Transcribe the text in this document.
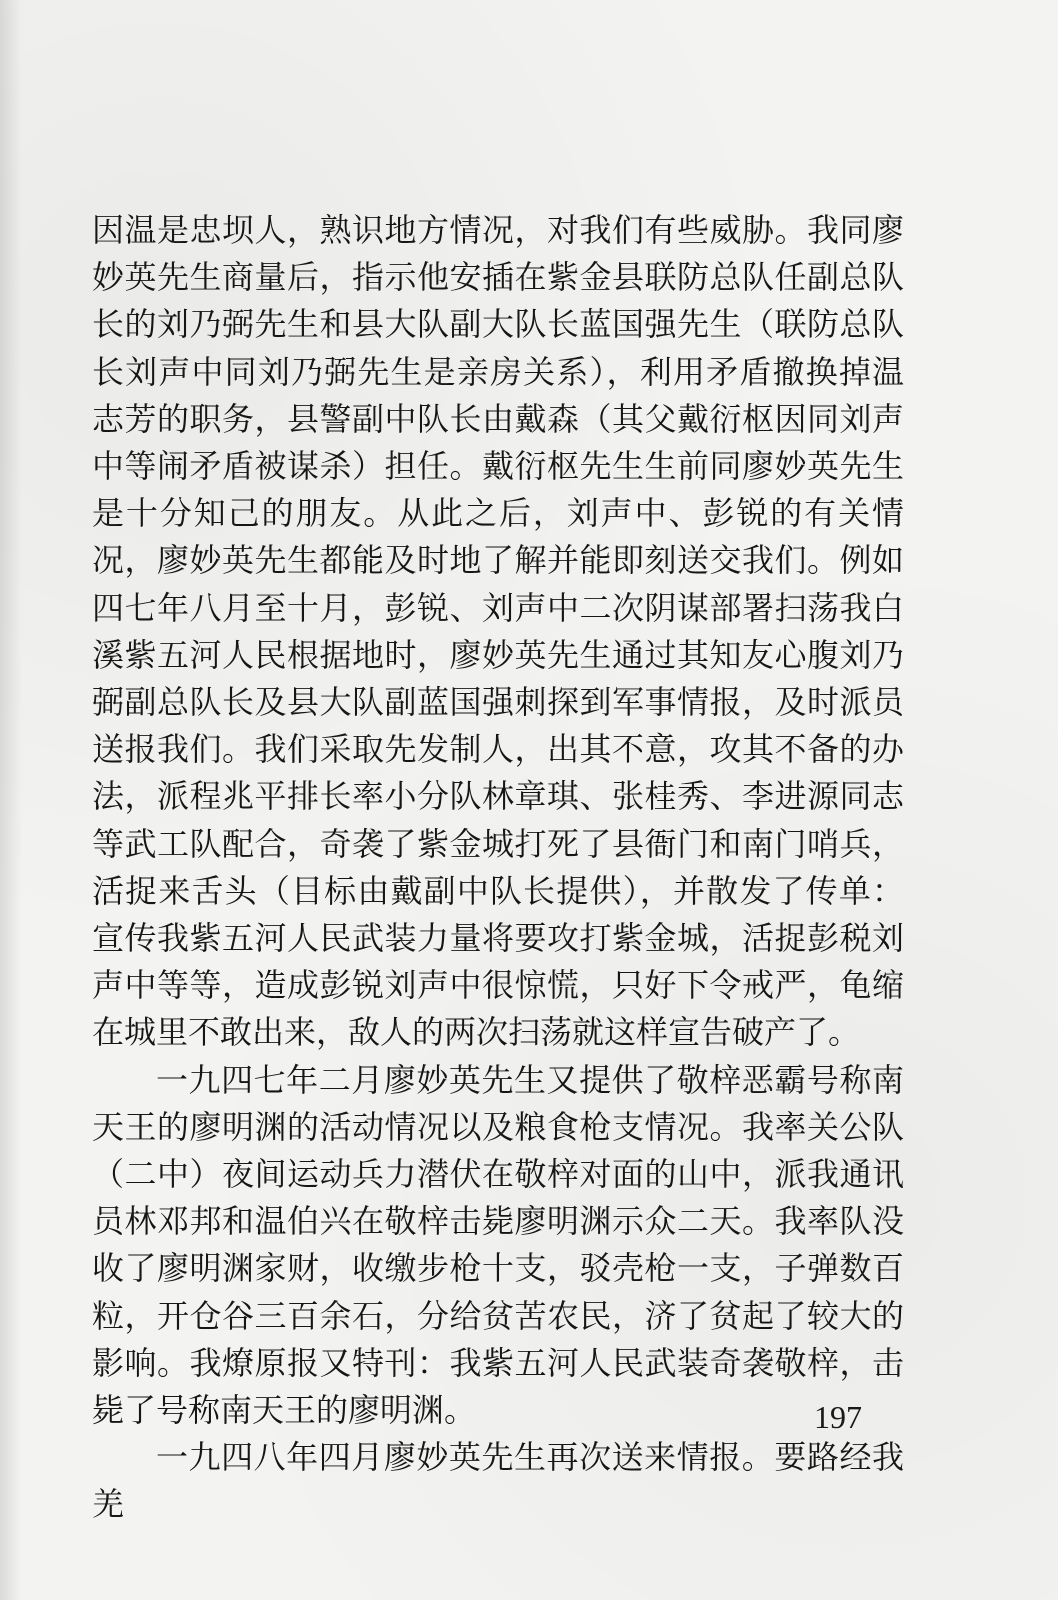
因温是忠坝人，熟识地方情况，对我们有些威胁。我同廖妙英先生商量后，指示他安插在紫金县联防总队任副总队长的刘乃弼先生和县大队副大队长蓝国强先生（联防总队长刘声中同刘乃弼先生是亲房关系），利用矛盾撤换掉温志芳的职务，县警副中队长由戴森（其父戴衍枢因同刘声中等闹矛盾被谋杀）担任。戴衍枢先生生前同廖妙英先生是十分知己的朋友。从此之后，刘声中、彭锐的有关情况，廖妙英先生都能及时地了解并能即刻送交我们。例如四七年八月至十月，彭锐、刘声中二次阴谋部署扫荡我白溪紫五河人民根据地时，廖妙英先生通过其知友心腹刘乃弼副总队长及县大队副蓝国强刺探到军事情报，及时派员送报我们。我们采取先发制人，出其不意，攻其不备的办法，派程兆平排长率小分队林章琪、张桂秀、李进源同志等武工队配合，奇袭了紫金城打死了县衙门和南门哨兵，活捉来舌头（目标由戴副中队长提供），并散发了传单：宣传我紫五河人民武装力量将要攻打紫金城，活捉彭税刘声中等等，造成彭锐刘声中很惊慌，只好下令戒严，龟缩在城里不敢出来，敌人的两次扫荡就这样宣告破产了。

一九四七年二月廖妙英先生又提供了敬梓恶霸号称南天王的廖明渊的活动情况以及粮食枪支情况。我率关公队（二中）夜间运动兵力潜伏在敬梓对面的山中，派我通讯员林邓邦和温伯兴在敬梓击毙廖明渊示众二天。我率队没收了廖明渊家财，收缴步枪十支，驳壳枪一支，子弹数百粒，开仓谷三百余石，分给贫苦农民，济了贫起了较大的影响。我燎原报又特刊：我紫五河人民武装奇袭敬梓，击毙了号称南天王的廖明渊。

一九四八年四月廖妙英先生再次送来情报。要路经我羌

197
